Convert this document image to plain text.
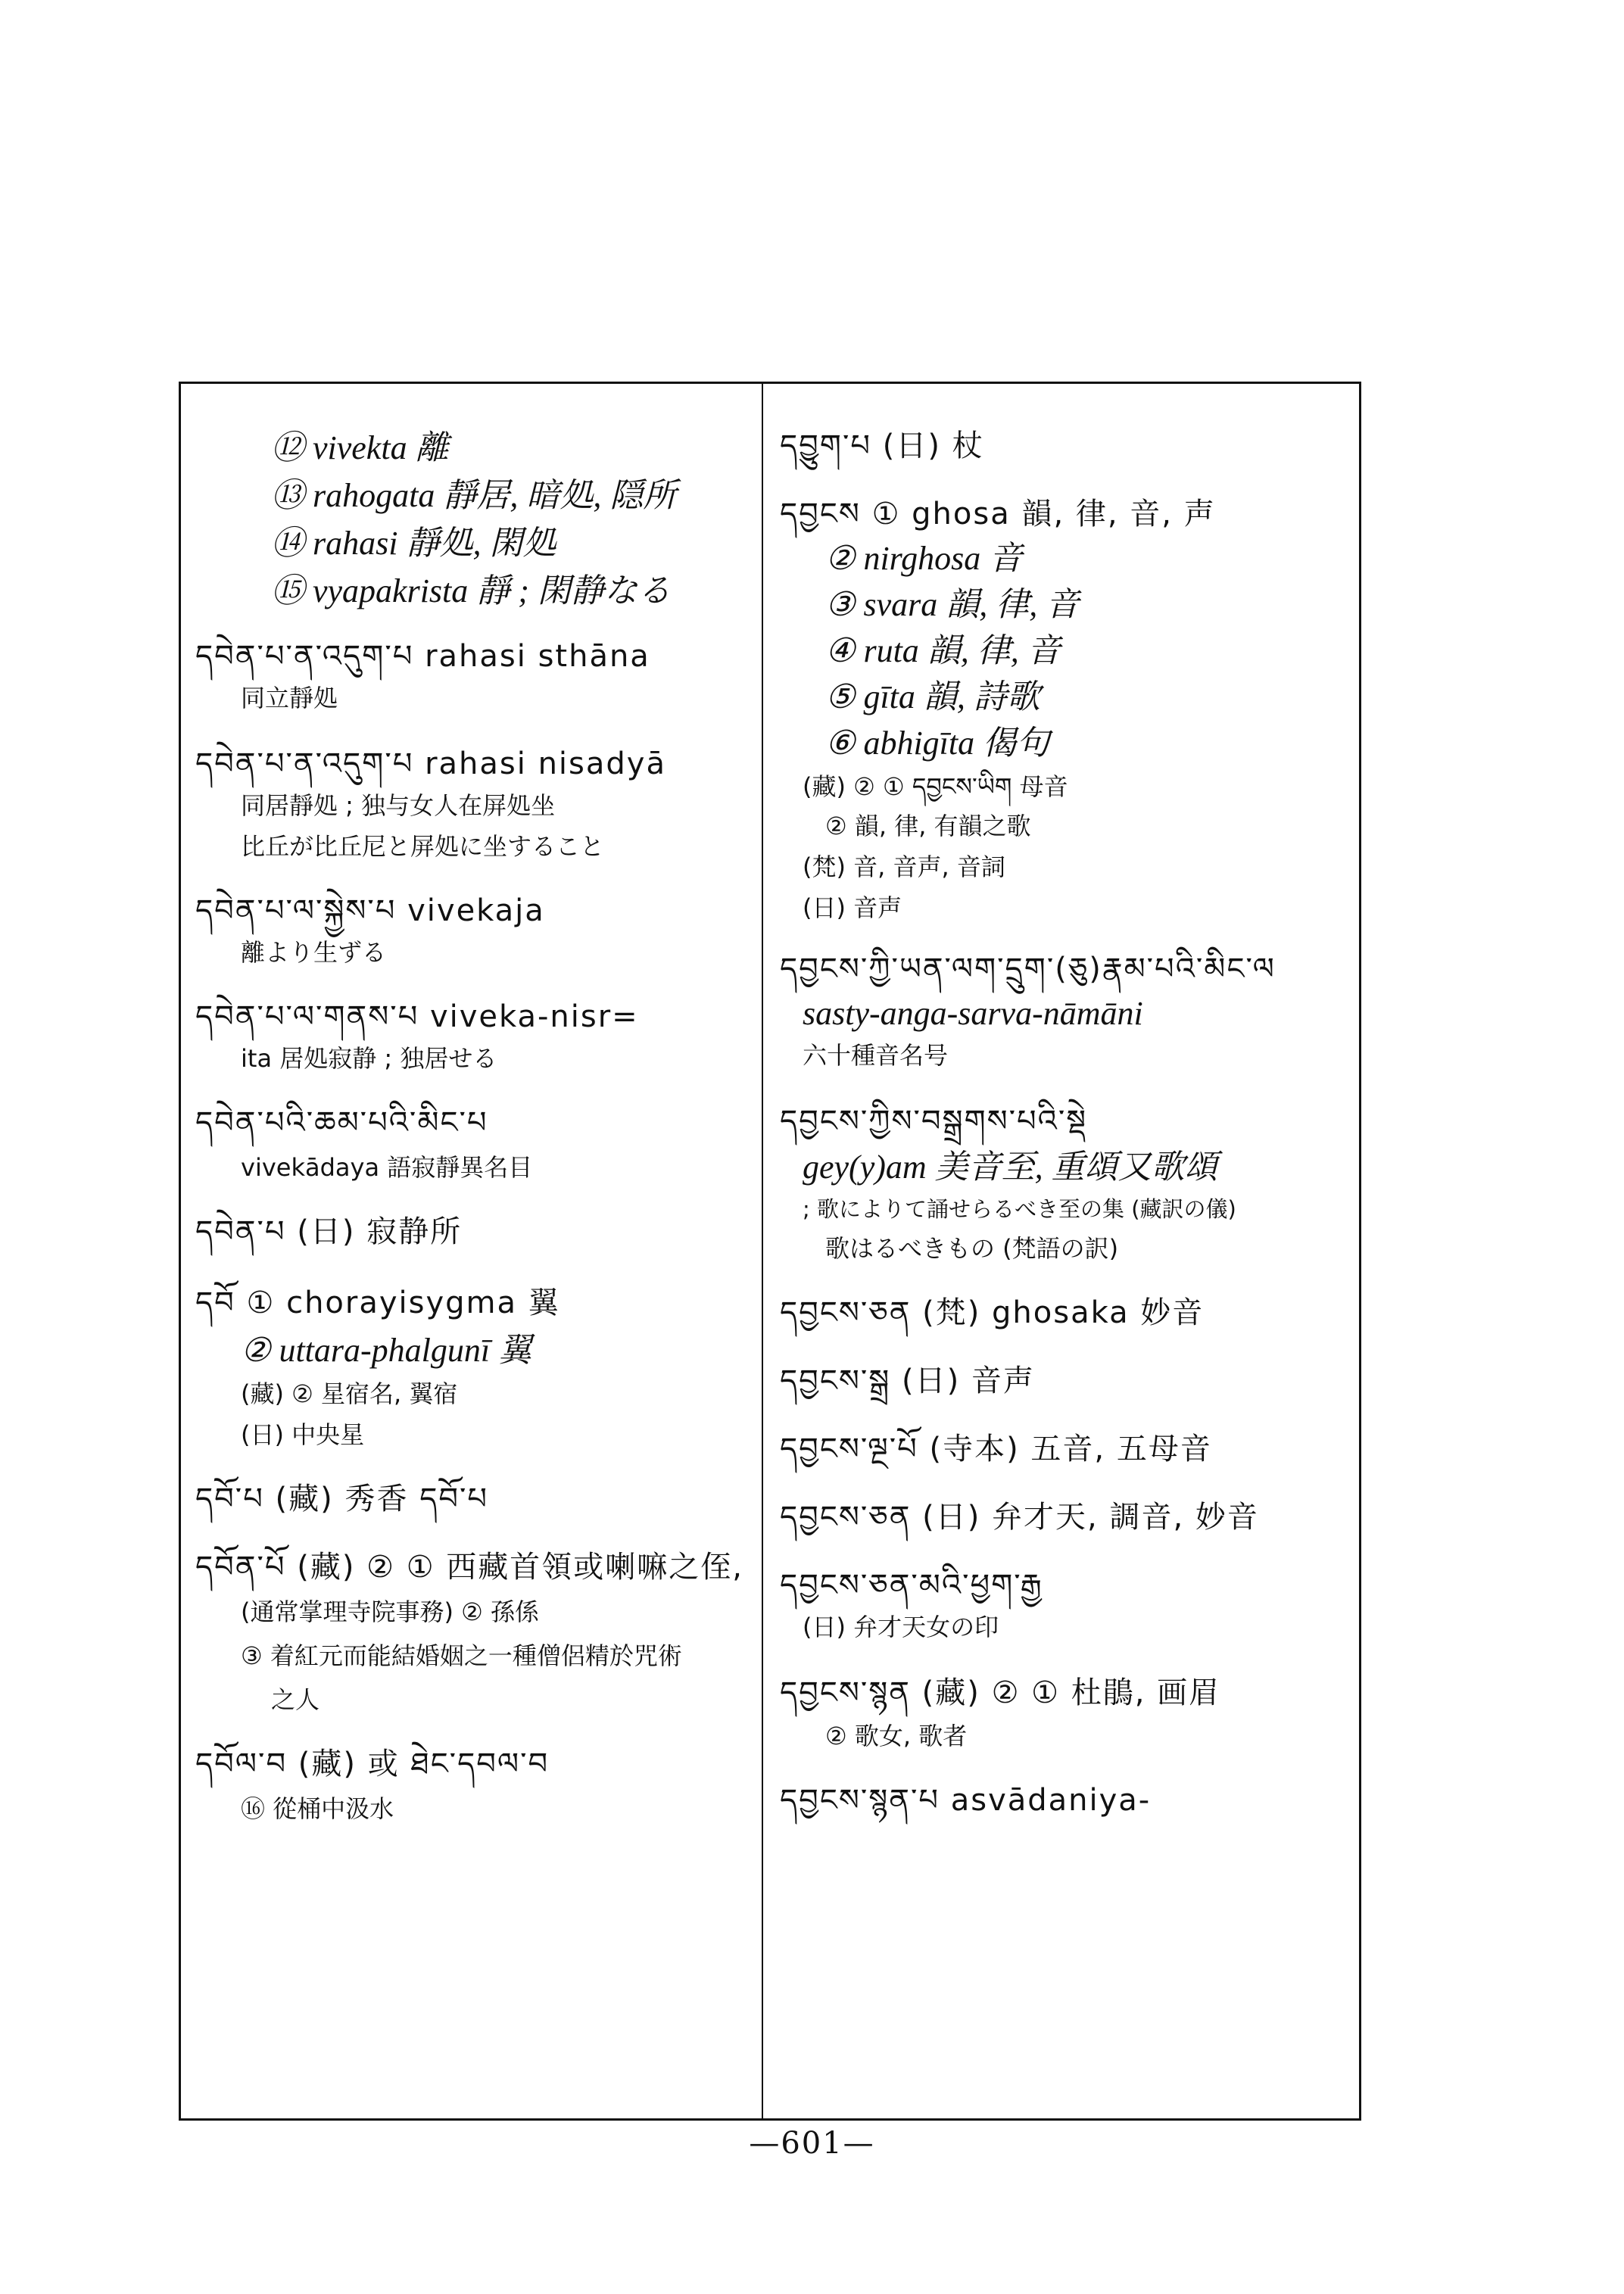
⑫ vivekta 離
⑬ rahogata 靜居, 暗処, 隠所
⑭ rahasi 靜処, 閑処
⑮ vyapakrista 靜 ; 閑静なる
དབེན་པ་ན་འདུག་པ rahasi sthāna
同立靜処
དབེན་པ་ན་འདུག་པ rahasi nisadyā
同居靜処 ; 独与女人在屏処坐
比丘が比丘尼と屏処に坐すること
དབེན་པ་ལ་སྐྱེས་པ vivekaja
離より生ずる
དབེན་པ་ལ་གནས་པ viveka-nisr=
ita 居処寂静 ; 独居せる
དབེན་པའི་ཆམ་པའི་མིང་པ
vivekādaya 語寂靜異名目
དབེན་པ (日) 寂静所
དབོ ① chorayisygma 翼
② uttara-phalgunī 翼
(藏) ② 星宿名, 翼宿
(日) 中央星
དབོ་པ (藏) 秀香 དབོ་པ
དབོན་པོ (藏) ② ① 西藏首領或喇嘛之侄,
(通常掌理寺院事務) ② 孫係
③ 着紅元而能結婚姻之一種僧侶精於咒術
之人
དབོལ་བ (藏) 或 ཐེང་དབལ་བ
⑯ 從桶中汲水
དབྱུག་པ (日) 杖
དབྱངས ① ghosa 韻, 律, 音, 声
② nirghosa 音
③ svara 韻, 律, 音
④ ruta 韻, 律, 音
⑤ gīta 韻, 詩歌
⑥ abhigīta 偈句
(藏) ② ① དབྱངས་ཡིག 母音
② 韻, 律, 有韻之歌
(梵) 音, 音声, 音詞
(日) 音声
དབྱངས་ཀྱི་ཡན་ལག་དྲུག་(ཅུ)རྣམ་པའི་མིང་ལ
sasty-anga-sarva-nāmāni
六十種音名号
དབྱངས་ཀྱིས་བསྒྲགས་པའི་སྡེ
gey(y)am 美音至, 重頌又歌頌
; 歌によりて誦せらるべき至の集 (藏訳の儀)
歌はるべきもの (梵語の訳)
དབྱངས་ཅན (梵) ghosaka 妙音
དབྱངས་སྒྲ (日) 音声
དབྱངས་ལྔ་པོ (寺本) 五音, 五母音
དབྱངས་ཅན (日) 弁才天, 調音, 妙音
དབྱངས་ཅན་མའི་ཕྱག་རྒྱ
(日) 弁才天女の印
དབྱངས་སྙན (藏) ② ① 杜鵑, 画眉
② 歌女, 歌者
དབྱངས་སྙན་པ asvādaniya-
—601—
